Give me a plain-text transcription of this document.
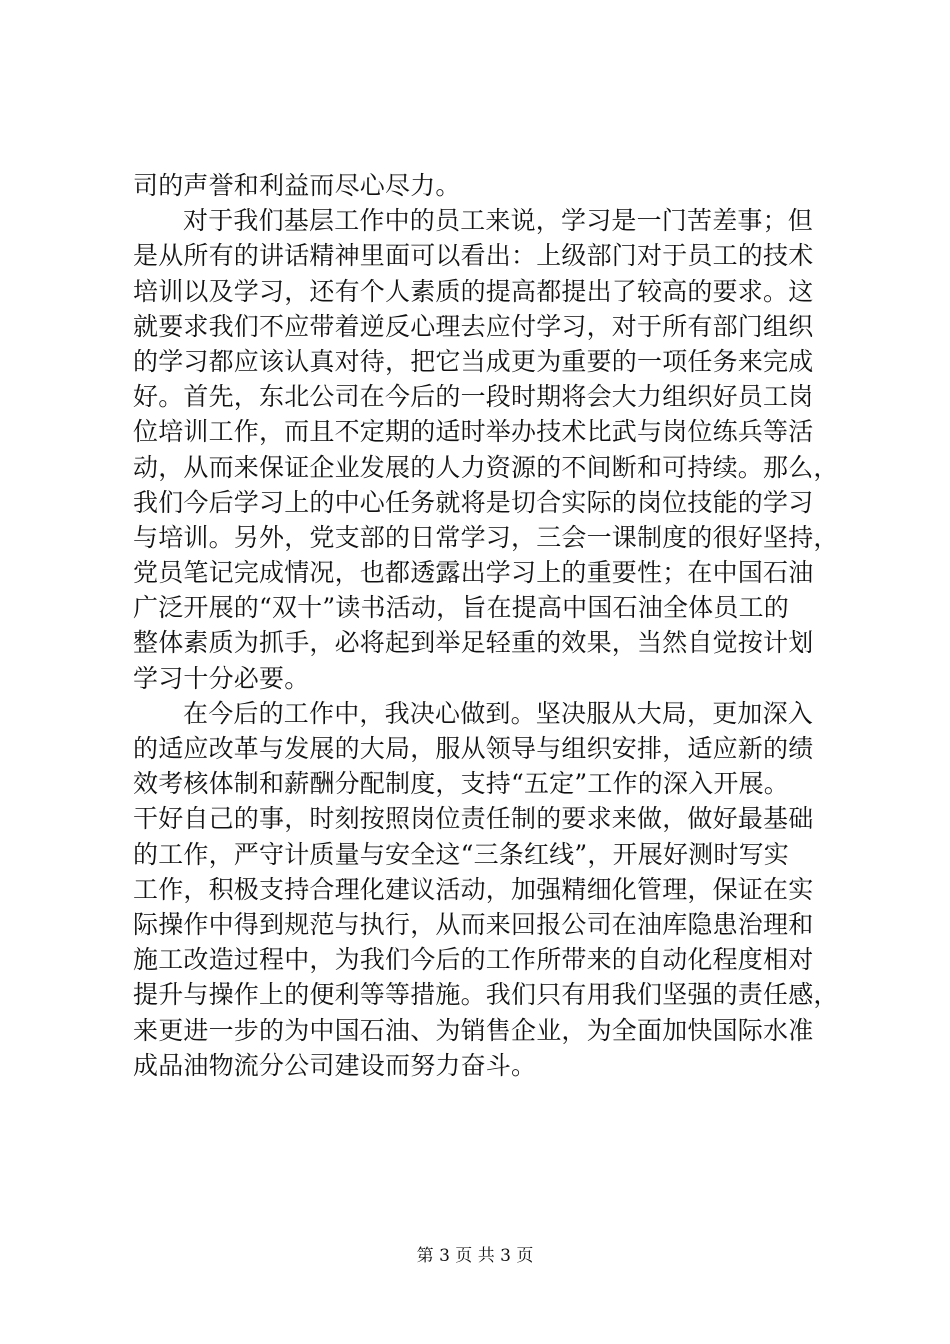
司的声誉和利益而尽心尽力。
对于我们基层工作中的员工来说，学习是一门苦差事；但
是从所有的讲话精神里面可以看出：上级部门对于员工的技术
培训以及学习，还有个人素质的提高都提出了较高的要求。这
就要求我们不应带着逆反心理去应付学习，对于所有部门组织
的学习都应该认真对待，把它当成更为重要的一项任务来完成
好。首先，东北公司在今后的一段时期将会大力组织好员工岗
位培训工作，而且不定期的适时举办技术比武与岗位练兵等活
动，从而来保证企业发展的人力资源的不间断和可持续。那么，
我们今后学习上的中心任务就将是切合实际的岗位技能的学习
与培训。另外，党支部的日常学习，三会一课制度的很好坚持，
党员笔记完成情况，也都透露出学习上的重要性；在中国石油
广泛开展的“双十”读书活动，旨在提高中国石油全体员工的
整体素质为抓手，必将起到举足轻重的效果，当然自觉按计划
学习十分必要。
在今后的工作中，我决心做到。坚决服从大局，更加深入
的适应改革与发展的大局，服从领导与组织安排，适应新的绩
效考核体制和薪酬分配制度，支持“五定”工作的深入开展。
干好自己的事，时刻按照岗位责任制的要求来做，做好最基础
的工作，严守计质量与安全这“三条红线”，开展好测时写实
工作，积极支持合理化建议活动，加强精细化管理，保证在实
际操作中得到规范与执行，从而来回报公司在油库隐患治理和
施工改造过程中，为我们今后的工作所带来的自动化程度相对
提升与操作上的便利等等措施。我们只有用我们坚强的责任感，
来更进一步的为中国石油、为销售企业，为全面加快国际水准
成品油物流分公司建设而努力奋斗。
第 3 页 共 3 页
